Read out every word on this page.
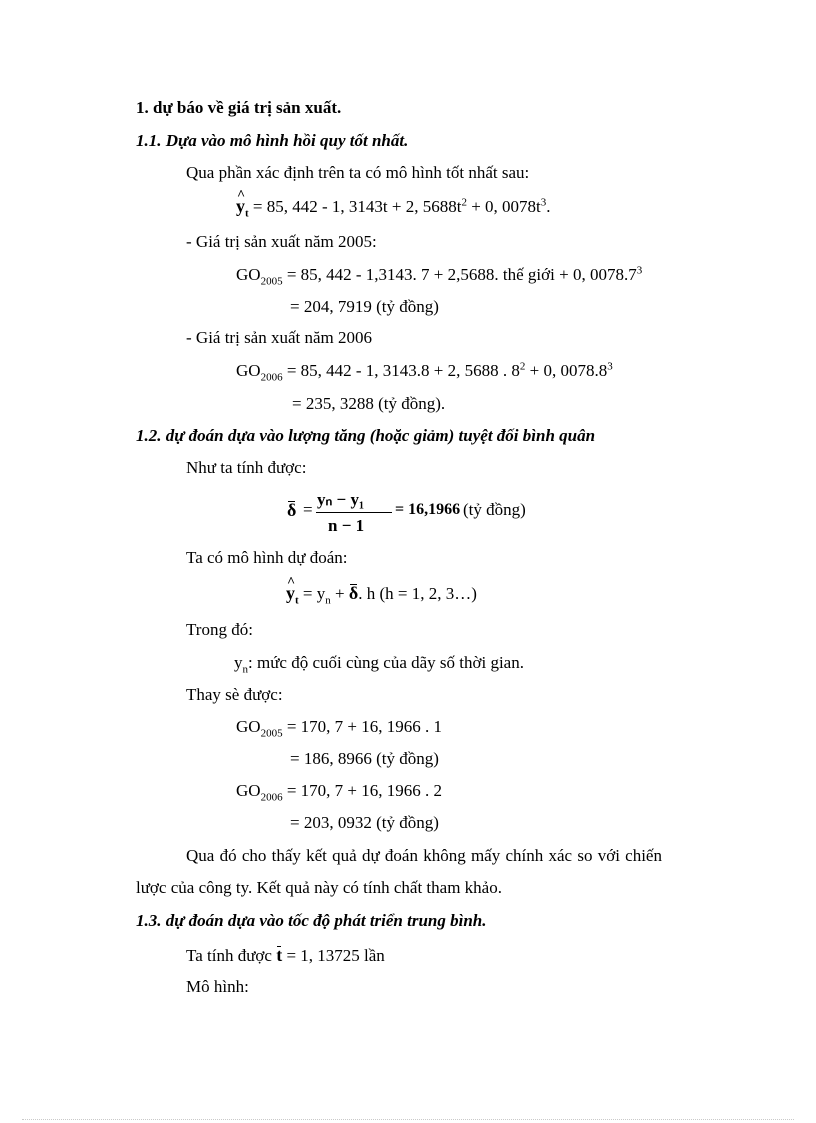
1. dự báo về giá trị sản xuất.
1.1. Dựa vào mô hình hồi quy tốt nhất.
Qua phần xác định trên ta có mô hình tốt nhất sau:
^ $y_t = 85$, 442 - 1, 3143t + 2, $5688t^2 + 0$, $0078t^3$.
- Giá trị sản xuất năm 2005:
$GO_{2005} = 85$, 442 - 1,3143. 7 + 2,5688. thế giới + 0, $0078.7^3$
= 204, 7919 (tỷ đồng)
- Giá trị sản xuất năm 2006
$GO_{2006} = 85$, 442 - 1, 3143.8 + 2, 5688 . $8^2 + 0$, $0078.8^3$
= 235, 3288 (tỷ đồng).
1.2. dự đoán dựa vào lượng tăng (hoặc giảm) tuyệt đối bình quân
Như ta tính được:
δ =
yₙ − y₁
n − 1
= 16,1966 (tỷ đồng)
Ta có mô hình dự đoán:
^ $y_t = y_n + \delta$. h (h = 1, 2, 3…)
Trong đó:
$y_n$: mức độ cuối cùng của dãy số thời gian.
Thay sè được:
$GO_{2005} = 170$, 7 + 16, 1966 . 1
= 186, 8966 (tỷ đồng)
$GO_{2006} = 170$, 7 + 16, 1966 . 2
= 203, 0932 (tỷ đồng)
Qua đó cho thấy kết quả dự đoán không mấy chính xác so với chiến
lược của công ty. Kết quả này có tính chất tham khảo.
1.3. dự đoán dựa vào tốc độ phát triển trung bình.
Ta tính được t = 1, 13725 lần
Mô hình:
